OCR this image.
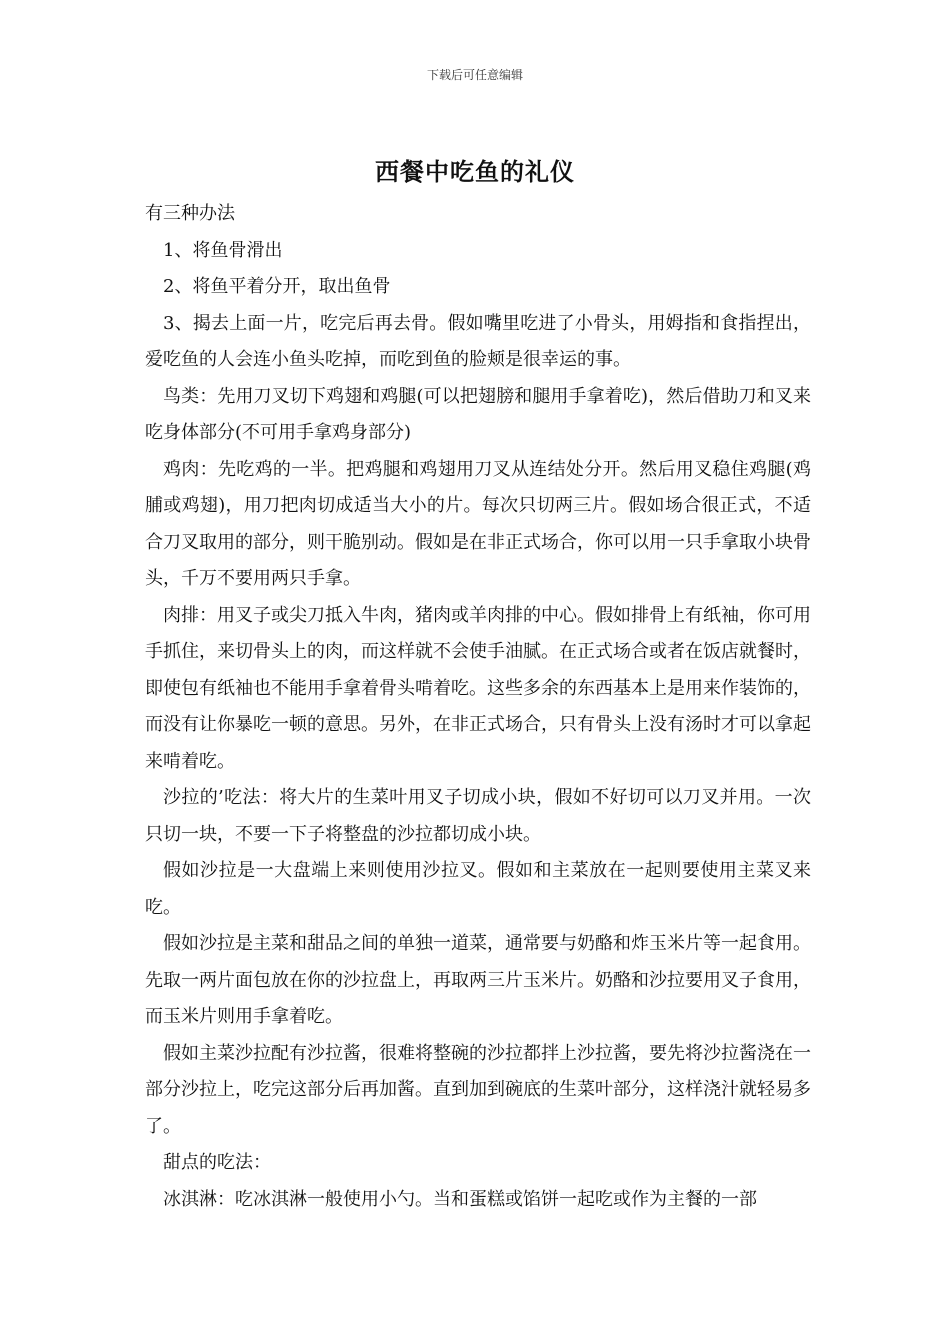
下载后可任意编辑
西餐中吃鱼的礼仪

有三种办法

1、将鱼骨滑出

2、将鱼平着分开，取出鱼骨

3、揭去上面一片，吃完后再去骨。假如嘴里吃进了小骨头，用姆指和食指捏出，爱吃鱼的人会连小鱼头吃掉，而吃到鱼的脸颊是很幸运的事。

鸟类：先用刀叉切下鸡翅和鸡腿(可以把翅膀和腿用手拿着吃)，然后借助刀和叉来吃身体部分(不可用手拿鸡身部分)

鸡肉：先吃鸡的一半。把鸡腿和鸡翅用刀叉从连结处分开。然后用叉稳住鸡腿(鸡脯或鸡翅)，用刀把肉切成适当大小的片。每次只切两三片。假如场合很正式，不适合刀叉取用的部分，则干脆别动。假如是在非正式场合，你可以用一只手拿取小块骨头，千万不要用两只手拿。

肉排：用叉子或尖刀抵入牛肉，猪肉或羊肉排的中心。假如排骨上有纸袖，你可用手抓住，来切骨头上的肉，而这样就不会使手油腻。在正式场合或者在饭店就餐时，即使包有纸袖也不能用手拿着骨头啃着吃。这些多余的东西基本上是用来作装饰的，而没有让你暴吃一顿的意思。另外，在非正式场合，只有骨头上没有汤时才可以拿起来啃着吃。

沙拉的’吃法：将大片的生菜叶用叉子切成小块，假如不好切可以刀叉并用。一次只切一块，不要一下子将整盘的沙拉都切成小块。

假如沙拉是一大盘端上来则使用沙拉叉。假如和主菜放在一起则要使用主菜叉来吃。

假如沙拉是主菜和甜品之间的单独一道菜，通常要与奶酪和炸玉米片等一起食用。先取一两片面包放在你的沙拉盘上，再取两三片玉米片。奶酪和沙拉要用叉子食用，而玉米片则用手拿着吃。

假如主菜沙拉配有沙拉酱，很难将整碗的沙拉都拌上沙拉酱，要先将沙拉酱浇在一部分沙拉上，吃完这部分后再加酱。直到加到碗底的生菜叶部分，这样浇汁就轻易多了。

甜点的吃法：

冰淇淋：吃冰淇淋一般使用小勺。当和蛋糕或馅饼一起吃或作为主餐的一部
